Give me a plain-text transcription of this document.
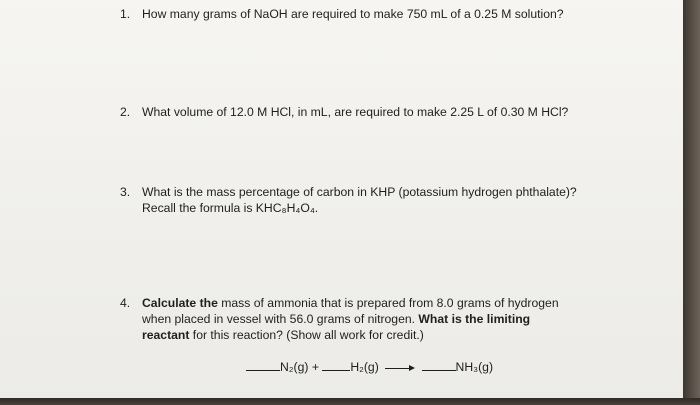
1. How many grams of NaOH are required to make 750 mL of a 0.25 M solution?
2. What volume of 12.0 M HCl, in mL, are required to make 2.25 L of 0.30 M HCl?
3. What is the mass percentage of carbon in KHP (potassium hydrogen phthalate)?
Recall the formula is KHC₈H₄O₄.
4. Calculate the mass of ammonia that is prepared from 8.0 grams of hydrogen
when placed in vessel with 56.0 grams of nitrogen. What is the limiting
reactant for this reaction? (Show all work for credit.)
N₂(g) +	H₂(g)	NH₃(g)
